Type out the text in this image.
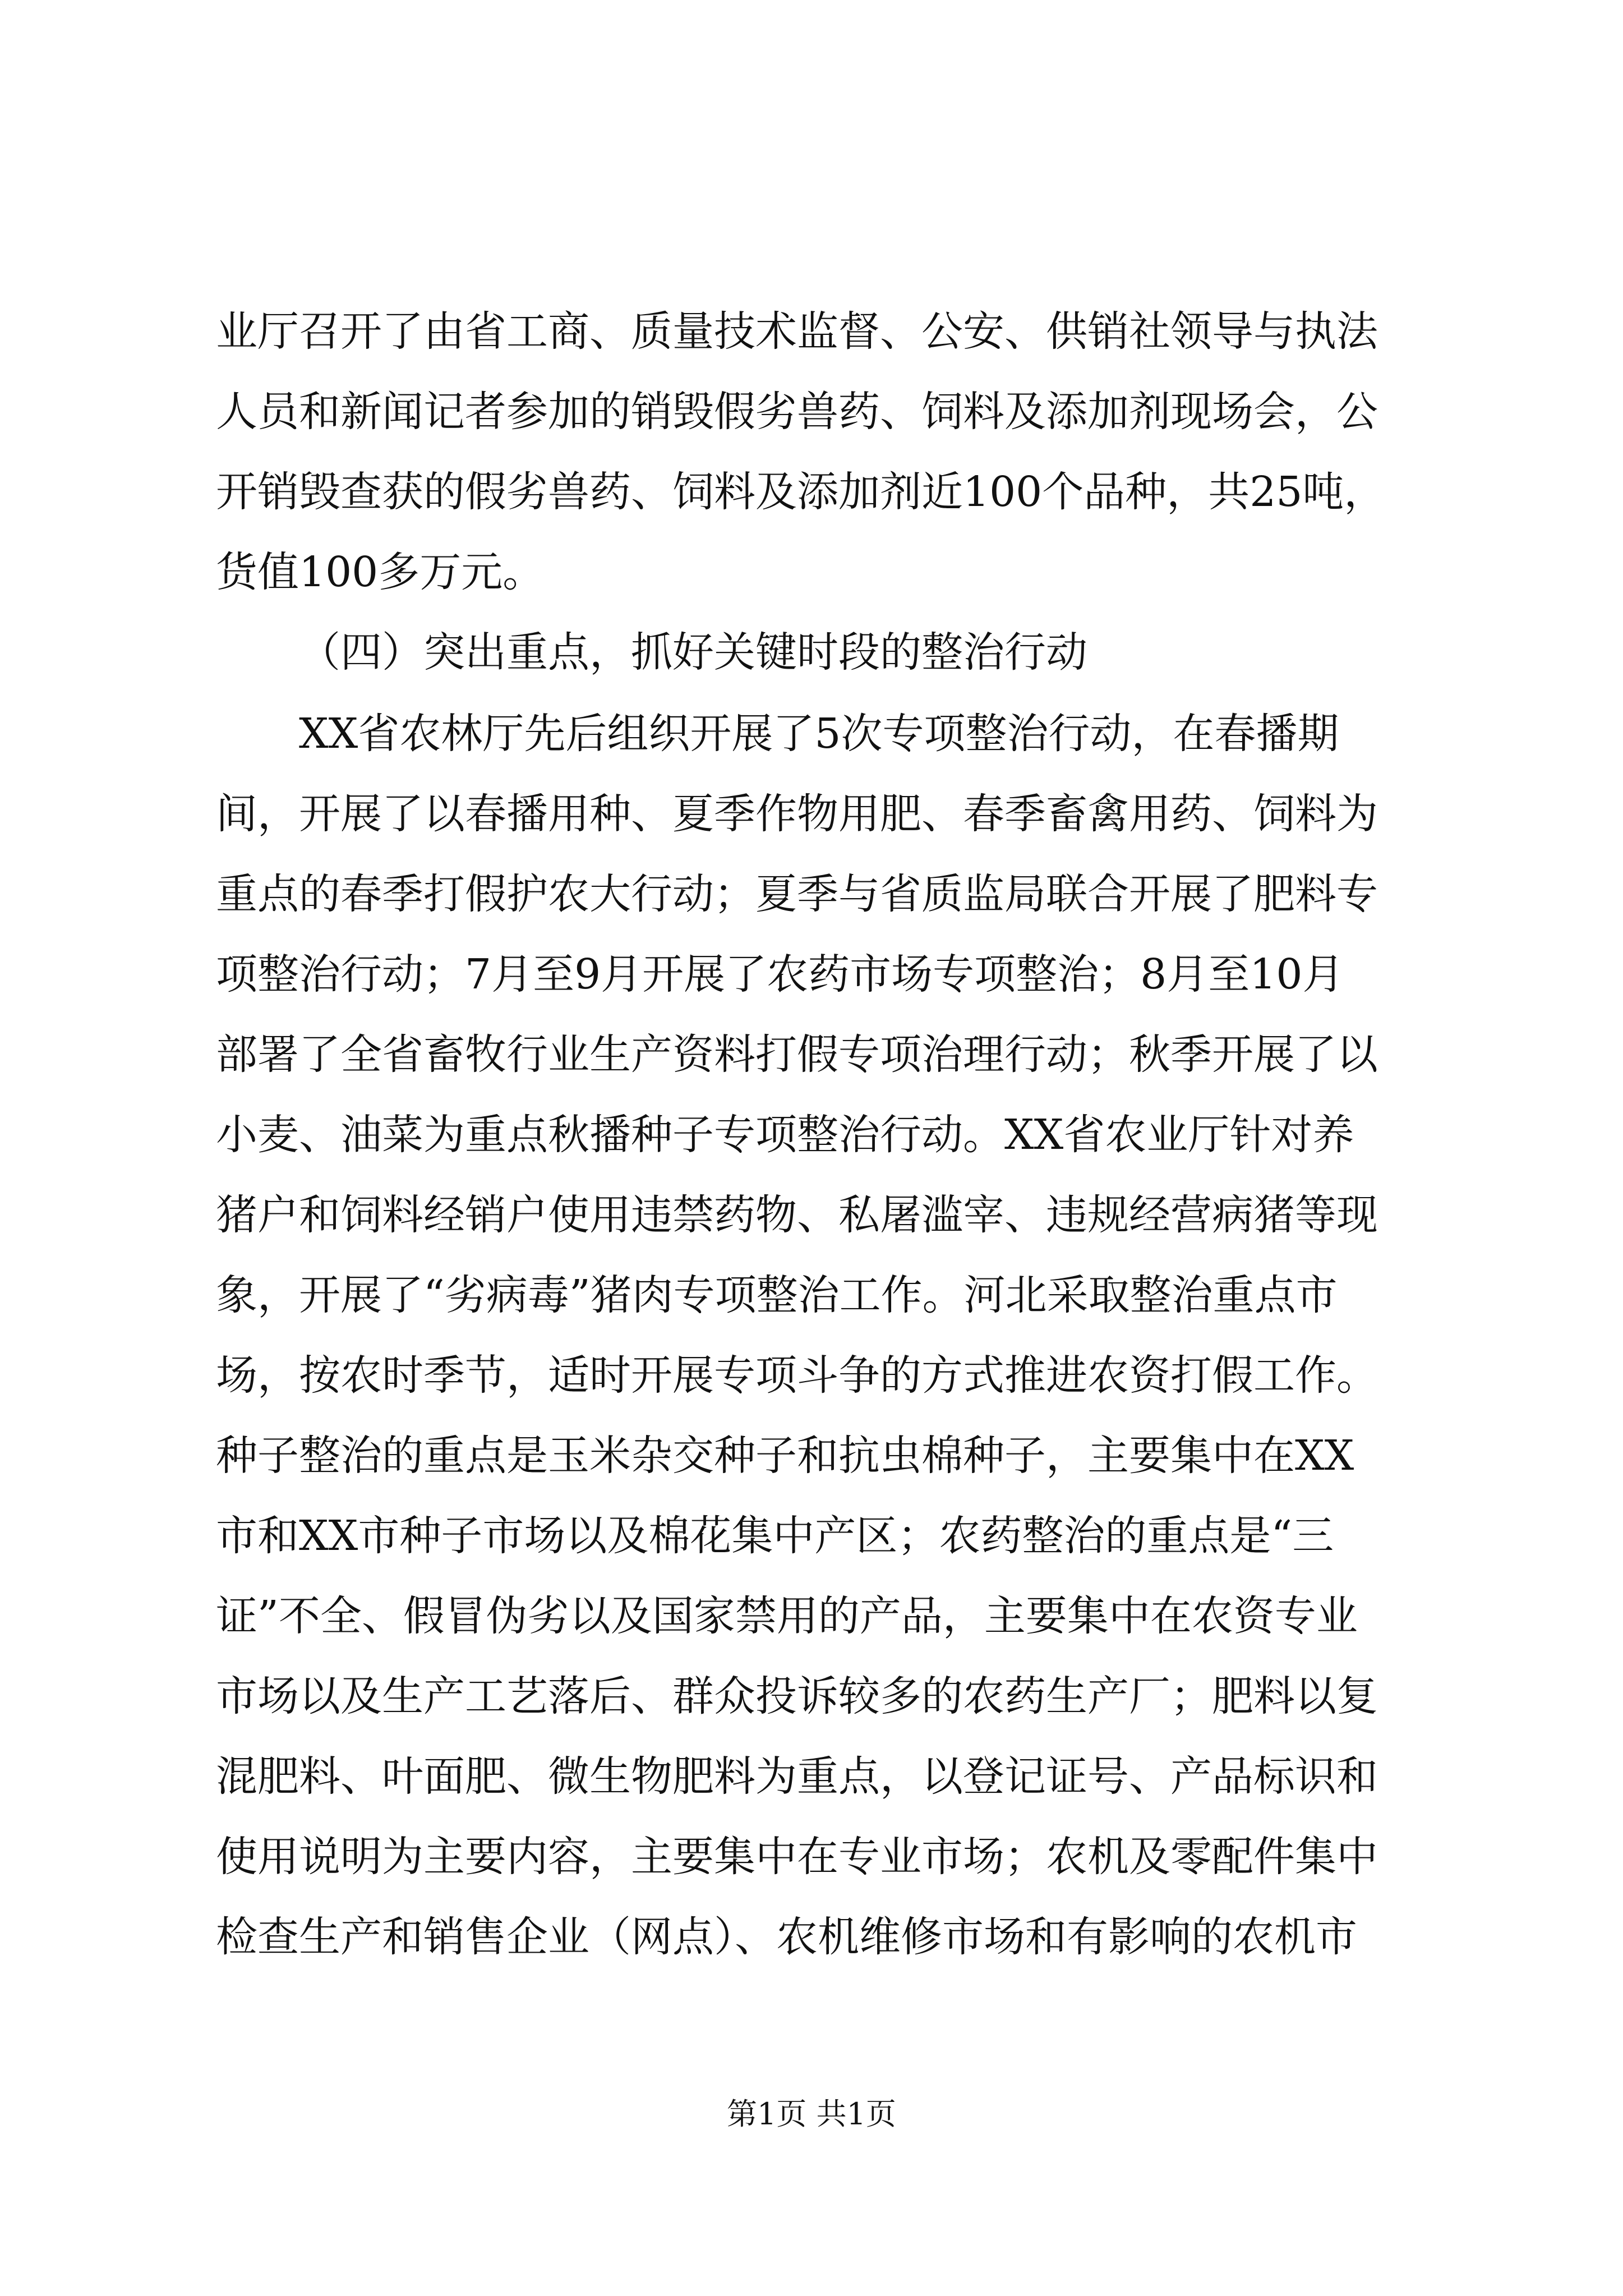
业厅召开了由省工商、质量技术监督、公安、供销社领导与执法
人员和新闻记者参加的销毁假劣兽药、饲料及添加剂现场会，公
开销毁查获的假劣兽药、饲料及添加剂近100个品种，共25吨，
货值100多万元。
（四）突出重点，抓好关键时段的整治行动
XX省农林厅先后组织开展了5次专项整治行动，在春播期
间，开展了以春播用种、夏季作物用肥、春季畜禽用药、饲料为
重点的春季打假护农大行动；夏季与省质监局联合开展了肥料专
项整治行动；7月至9月开展了农药市场专项整治；8月至10月
部署了全省畜牧行业生产资料打假专项治理行动；秋季开展了以
小麦、油菜为重点秋播种子专项整治行动。XX省农业厅针对养
猪户和饲料经销户使用违禁药物、私屠滥宰、违规经营病猪等现
象，开展了“劣病毒”猪肉专项整治工作。河北采取整治重点市
场，按农时季节，适时开展专项斗争的方式推进农资打假工作。
种子整治的重点是玉米杂交种子和抗虫棉种子，主要集中在XX
市和XX市种子市场以及棉花集中产区；农药整治的重点是“三
证”不全、假冒伪劣以及国家禁用的产品，主要集中在农资专业
市场以及生产工艺落后、群众投诉较多的农药生产厂；肥料以复
混肥料、叶面肥、微生物肥料为重点，以登记证号、产品标识和
使用说明为主要内容，主要集中在专业市场；农机及零配件集中
检查生产和销售企业（网点）、农机维修市场和有影响的农机市
第1页 共1页
